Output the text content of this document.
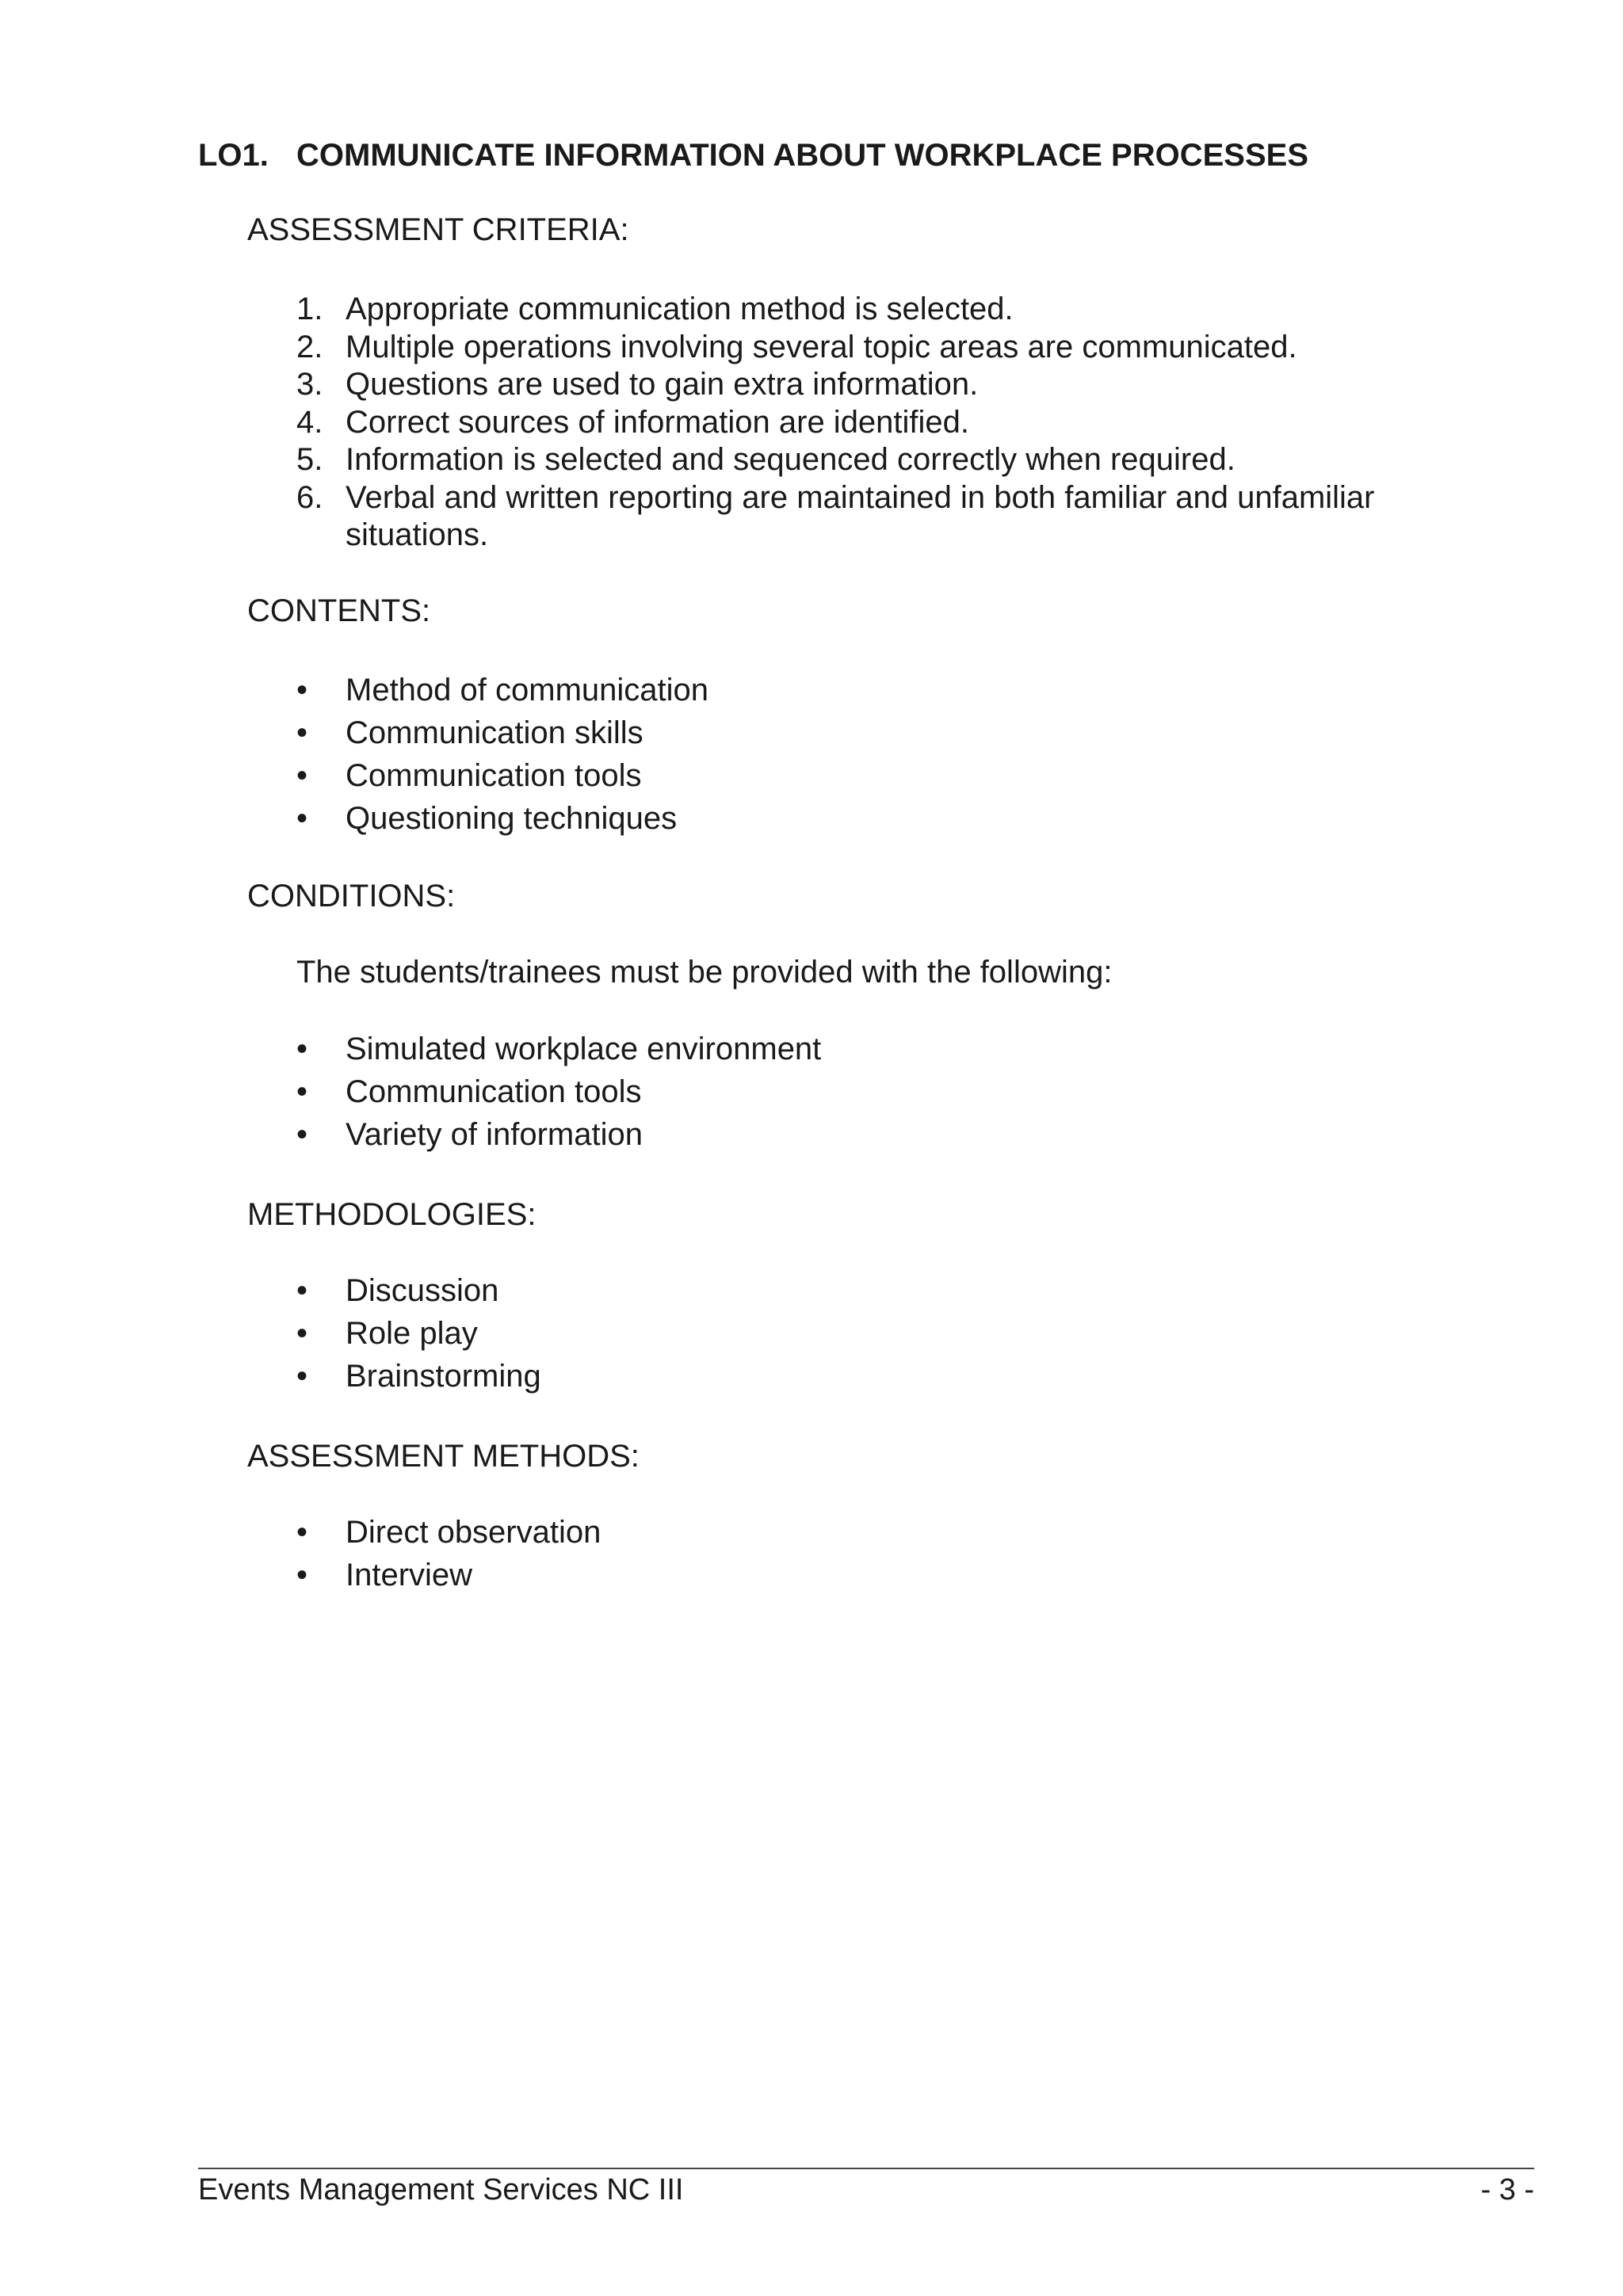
LO1. COMMUNICATE INFORMATION ABOUT WORKPLACE PROCESSES
ASSESSMENT CRITERIA:
1. Appropriate communication method is selected.
2. Multiple operations involving several topic areas are communicated.
3. Questions are used to gain extra information.
4. Correct sources of information are identified.
5. Information is selected and sequenced correctly when required.
6. Verbal and written reporting are maintained in both familiar and unfamiliar situations.
CONTENTS:
• Method of communication
• Communication skills
• Communication tools
• Questioning techniques
CONDITIONS:
The students/trainees must be provided with the following:
• Simulated workplace environment
• Communication tools
• Variety of information
METHODOLOGIES:
• Discussion
• Role play
• Brainstorming
ASSESSMENT METHODS:
• Direct observation
• Interview
Events Management Services NC III	- 3 -
